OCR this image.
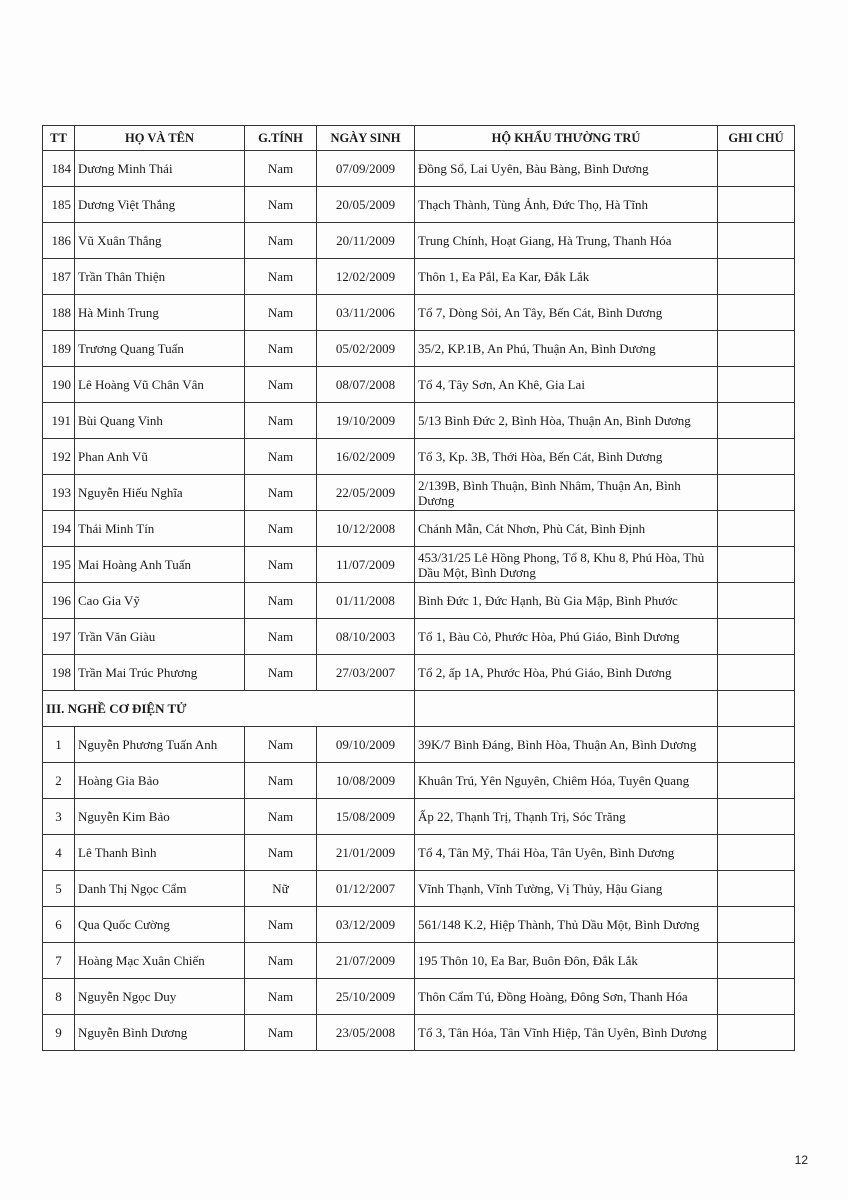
TT	HỌ VÀ TÊN	G.TÍNH	NGÀY SINH	HỘ KHẨU THƯỜNG TRÚ	GHI CHÚ
184	Dương Minh Thái	Nam	07/09/2009	Đồng Sổ, Lai Uyên, Bàu Bàng, Bình Dương	
185	Dương Việt Thắng	Nam	20/05/2009	Thạch Thành, Tùng Ảnh, Đức Thọ, Hà Tĩnh	
186	Vũ Xuân Thắng	Nam	20/11/2009	Trung Chính, Hoạt Giang, Hà Trung, Thanh Hóa	
187	Trần Thân Thiện	Nam	12/02/2009	Thôn 1, Ea Pắl, Ea Kar, Đắk Lắk	
188	Hà Minh Trung	Nam	03/11/2006	Tổ 7, Dòng Sỏi, An Tây, Bến Cát, Bình Dương	
189	Trương Quang Tuấn	Nam	05/02/2009	35/2, KP.1B, An Phú, Thuận An, Bình Dương	
190	Lê Hoàng Vũ Chân Vân	Nam	08/07/2008	Tổ 4, Tây Sơn, An Khê, Gia Lai	
191	Bùi Quang Vinh	Nam	19/10/2009	5/13 Bình Đức 2, Bình Hòa, Thuận An, Bình Dương	
192	Phan Anh Vũ	Nam	16/02/2009	Tổ 3, Kp. 3B, Thới Hòa, Bến Cát, Bình Dương	
193	Nguyễn Hiếu Nghĩa	Nam	22/05/2009	2/139B, Bình Thuận, Bình Nhâm, Thuận An, Bình Dương	
194	Thái Minh Tín	Nam	10/12/2008	Chánh Mẫn, Cát Nhơn, Phù Cát, Bình Định	
195	Mai Hoàng Anh Tuấn	Nam	11/07/2009	453/31/25 Lê Hồng Phong, Tổ 8, Khu 8, Phú Hòa, Thủ Dầu Một, Bình Dương	
196	Cao Gia Vỹ	Nam	01/11/2008	Bình Đức 1, Đức Hạnh, Bù Gia Mập, Bình Phước	
197	Trần Văn Giàu	Nam	08/10/2003	Tổ 1, Bàu Cỏ, Phước Hòa, Phú Giáo, Bình Dương	
198	Trần Mai Trúc Phương	Nam	27/03/2007	Tổ 2, ấp 1A, Phước Hòa, Phú Giáo, Bình Dương	
III. NGHỀ CƠ ĐIỆN TỬ					
1	Nguyễn Phương Tuấn Anh	Nam	09/10/2009	39K/7 Bình Đáng, Bình Hòa, Thuận An, Bình Dương	
2	Hoàng Gia Bảo	Nam	10/08/2009	Khuân Trú, Yên Nguyên, Chiêm Hóa, Tuyên Quang	
3	Nguyễn Kim Bảo	Nam	15/08/2009	Ấp 22, Thạnh Trị, Thạnh Trị, Sóc Trăng	
4	Lê Thanh Bình	Nam	21/01/2009	Tổ 4, Tân Mỹ, Thái Hòa, Tân Uyên, Bình Dương	
5	Danh Thị Ngọc Cẩm	Nữ	01/12/2007	Vĩnh Thạnh, Vĩnh Tường, Vị Thủy, Hậu Giang	
6	Qua Quốc Cường	Nam	03/12/2009	561/148 K.2, Hiệp Thành, Thủ Dầu Một, Bình Dương	
7	Hoàng Mạc Xuân Chiến	Nam	21/07/2009	195 Thôn 10, Ea Bar, Buôn Đôn, Đắk Lắk	
8	Nguyễn Ngọc Duy	Nam	25/10/2009	Thôn Cẩm Tú, Đồng Hoàng, Đông Sơn, Thanh Hóa	
9	Nguyễn Bình Dương	Nam	23/05/2008	Tổ 3, Tân Hóa, Tân Vĩnh Hiệp, Tân Uyên, Bình Dương	
12
